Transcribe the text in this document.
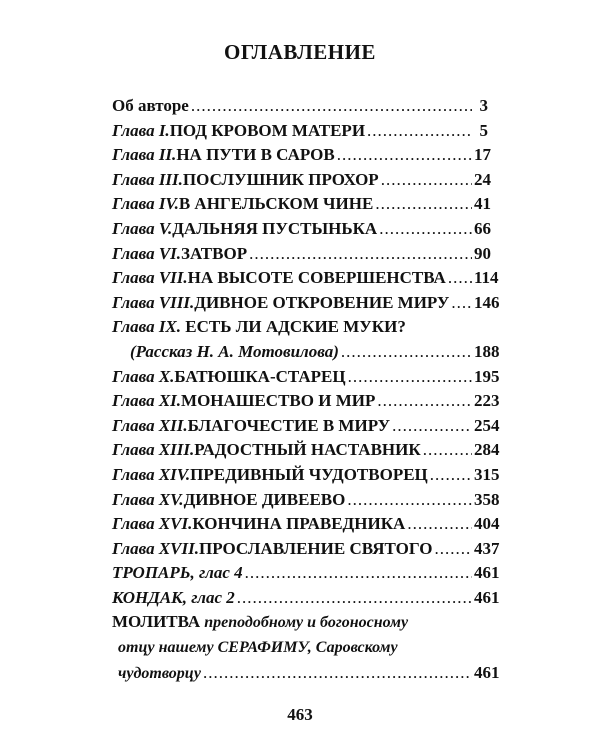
ОГЛАВЛЕНИЕ
Об авторе .....	3
Глава I. ПОД КРОВОМ МАТЕРИ .....	5
Глава II. НА ПУТИ В САРОВ .....	17
Глава III. ПОСЛУШНИК ПРОХОР .....	24
Глава IV. В АНГЕЛЬСКОМ ЧИНЕ .....	41
Глава V. ДАЛЬНЯЯ ПУСТЫНЬКА .....	66
Глава VI. ЗАТВОР .....	90
Глава VII. НА ВЫСОТЕ СОВЕРШЕНСТВА ..... 114
Глава VIII. ДИВНОЕ ОТКРОВЕНИЕ МИРУ ..... 146
Глава IX. ЕСТЬ ЛИ АДСКИЕ МУКИ?
(Рассказ Н. А. Мотовилова) .....	188
Глава X. БАТЮШКА-СТАРЕЦ .....	195
Глава XI. МОНАШЕСТВО И МИР .....	223
Глава XII. БЛАГОЧЕСТИЕ В МИРУ .....	254
Глава XIII. РАДОСТНЫЙ НАСТАВНИК .....	284
Глава XIV. ПРЕДИВНЫЙ ЧУДОТВОРЕЦ .....	315
Глава XV. ДИВНОЕ ДИВЕЕВО .....	358
Глава XVI. КОНЧИНА ПРАВЕДНИКА .....	404
Глава XVII. ПРОСЛАВЛЕНИЕ СВЯТОГО ..... 437
ТРОПАРЬ, глас 4 .....	461
КОНДАК, глас 2 .....	461
МОЛИТВА преподобному и богоносному
отцу нашему СЕРАФИМУ, Саровскому
чудотворцу .....	461
463
